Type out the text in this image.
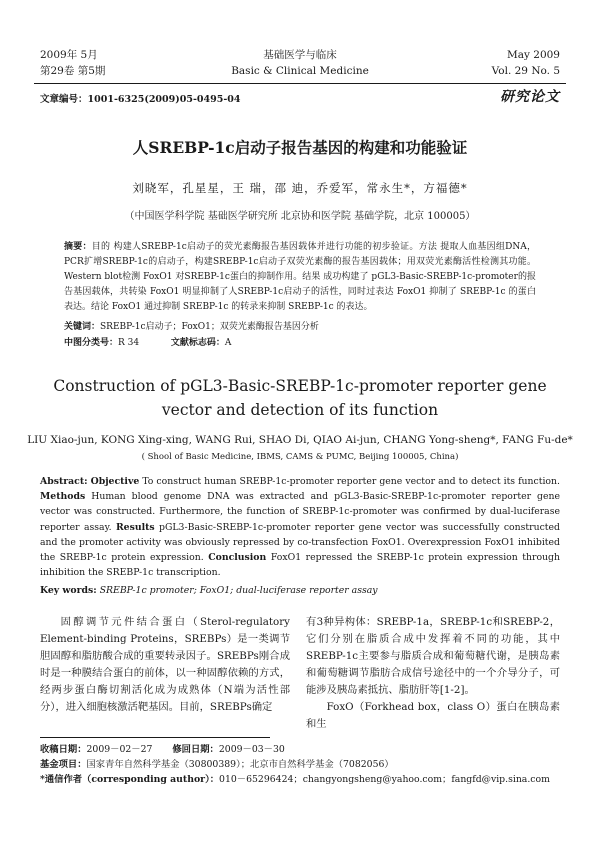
2009年 5月
第29卷 第5期
基础医学与临床
Basic & Clinical Medicine
May 2009
Vol. 29 No. 5
文章编号：1001-6325(2009)05-0495-04	研究论文
人SREBP-1c启动子报告基因的构建和功能验证
刘晓军，孔星星，王 瑞，邵 迪，乔爱军，常永生*，方福德*
（中国医学科学院 基础医学研究所 北京协和医学院 基础学院，北京 100005）
摘要：目的 构建人SREBP-1c启动子的荧光素酶报告基因载体并进行功能的初步验证。方法 提取人血基因组DNA，PCR扩增SREBP-1c的启动子，构建SREBP-1c启动子双荧光素酶的报告基因载体；用双荧光素酶活性检测其功能。Western blot检测 FoxO1 对SREBP-1c蛋白的抑制作用。结果 成功构建了 pGL3-Basic-SREBP-1c-promoter的报告基因载体，共转染 FoxO1 明显抑制了人SREBP-1c启动子的活性，同时过表达 FoxO1 抑制了 SREBP-1c 的蛋白表达。结论 FoxO1 通过抑制 SREBP-1c 的转录来抑制 SREBP-1c 的表达。
关键词：SREBP-1c启动子；FoxO1；双荧光素酶报告基因分析
中图分类号：R 34	文献标志码：A
Construction of pGL3-Basic-SREBP-1c-promoter reporter gene
vector and detection of its function
LIU Xiao-jun, KONG Xing-xing, WANG Rui, SHAO Di, QIAO Ai-jun, CHANG Yong-sheng*, FANG Fu-de*
( Shool of Basic Medicine, IBMS, CAMS & PUMC, Beijing 100005, China)
Abstract: Objective To construct human SREBP-1c-promoter reporter gene vector and to detect its function. Methods Human blood genome DNA was extracted and pGL3-Basic-SREBP-1c-promoter reporter gene vector was constructed. Furthermore, the function of SREBP-1c-promoter was confirmed by dual-luciferase reporter assay. Results pGL3-Basic-SREBP-1c-promoter reporter gene vector was successfully constructed and the promoter activity was obviously repressed by co-transfection FoxO1. Overexpression FoxO1 inhibited the SREBP-1c protein expression. Conclusion FoxO1 repressed the SREBP-1c protein expression through inhibition the SREBP-1c transcription.
Key words: SREBP-1c promoter; FoxO1; dual-luciferase reporter assay
固醇调节元件结合蛋白（Sterol-regulatory Element-binding Proteins，SREBPs）是一类调节胆固醇和脂肪酸合成的重要转录因子。SREBPs刚合成时是一种膜结合蛋白的前体，以一种固醇依赖的方式，经两步蛋白酶切割活化成为成熟体（N端为活性部分），进入细胞核激活靶基因。目前，SREBPs确定
有3种异构体：SREBP-1a，SREBP-1c和SREBP-2，它们分别在脂质合成中发挥着不同的功能，其中SREBP-1c主要参与脂质合成和葡萄糖代谢，是胰岛素和葡萄糖调节脂肪合成信号途径中的一个介导分子，可能涉及胰岛素抵抗、脂肪肝等[1-2]。
FoxO（Forkhead box，class O）蛋白在胰岛素和生
收稿日期：2009－02－27 修回日期：2009－03－30
基金项目：国家青年自然科学基金（30800389）；北京市自然科学基金（7082056）
*通信作者（corresponding author）：010－65296424；changyongsheng@yahoo.com；fangfd@vip.sina.com
